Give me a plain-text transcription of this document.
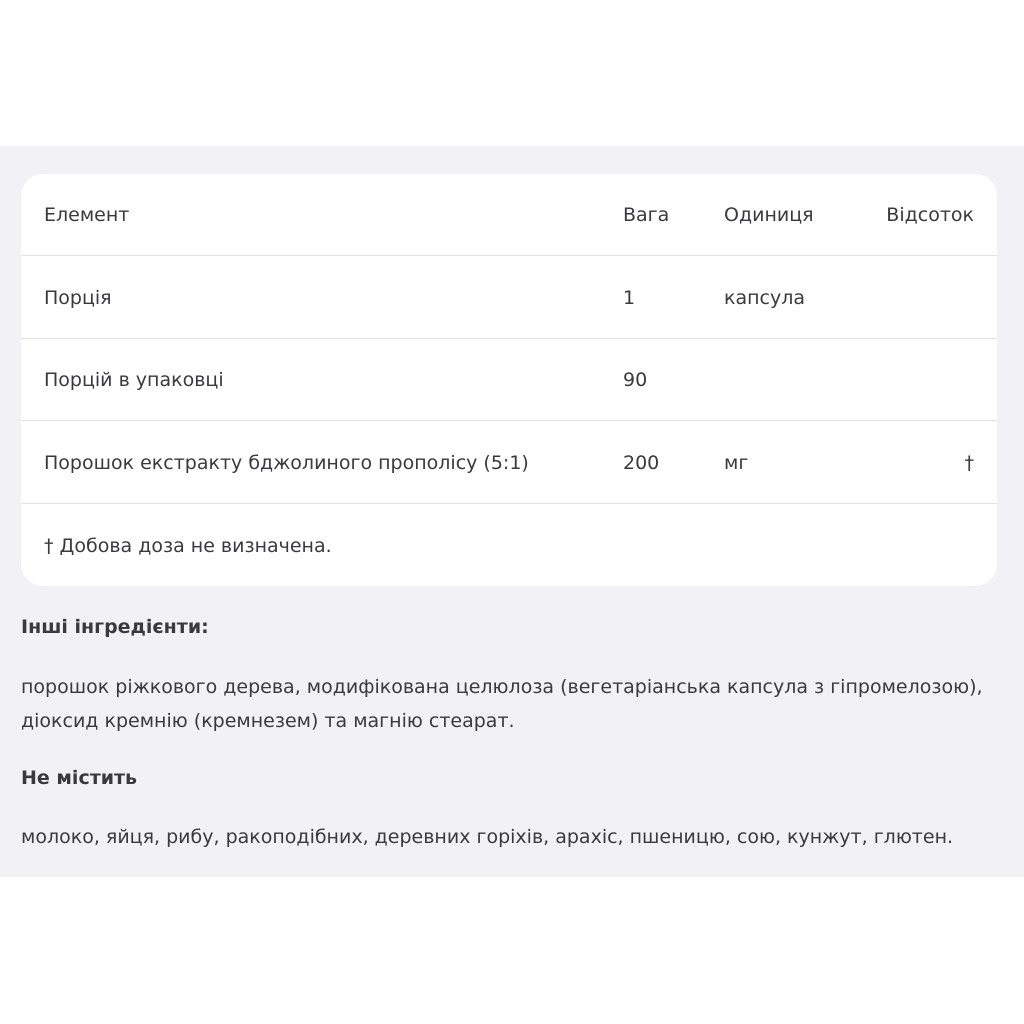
Елемент	Вага	Одиниця	Відсоток
Порція	1	капсула
Порцій в упаковці	90
Порошок екстракту бджолиного прополісу (5:1)	200	мг	†
† Добова доза не визначена.
Інші інгредієнти:
порошок ріжкового дерева, модифікована целюлоза (вегетаріанська капсула з гіпромелозою), діоксид кремнію (кремнезем) та магнію стеарат.
Не містить
молоко, яйця, рибу, ракоподібних, деревних горіхів, арахіс, пшеницю, сою, кунжут, глютен.
